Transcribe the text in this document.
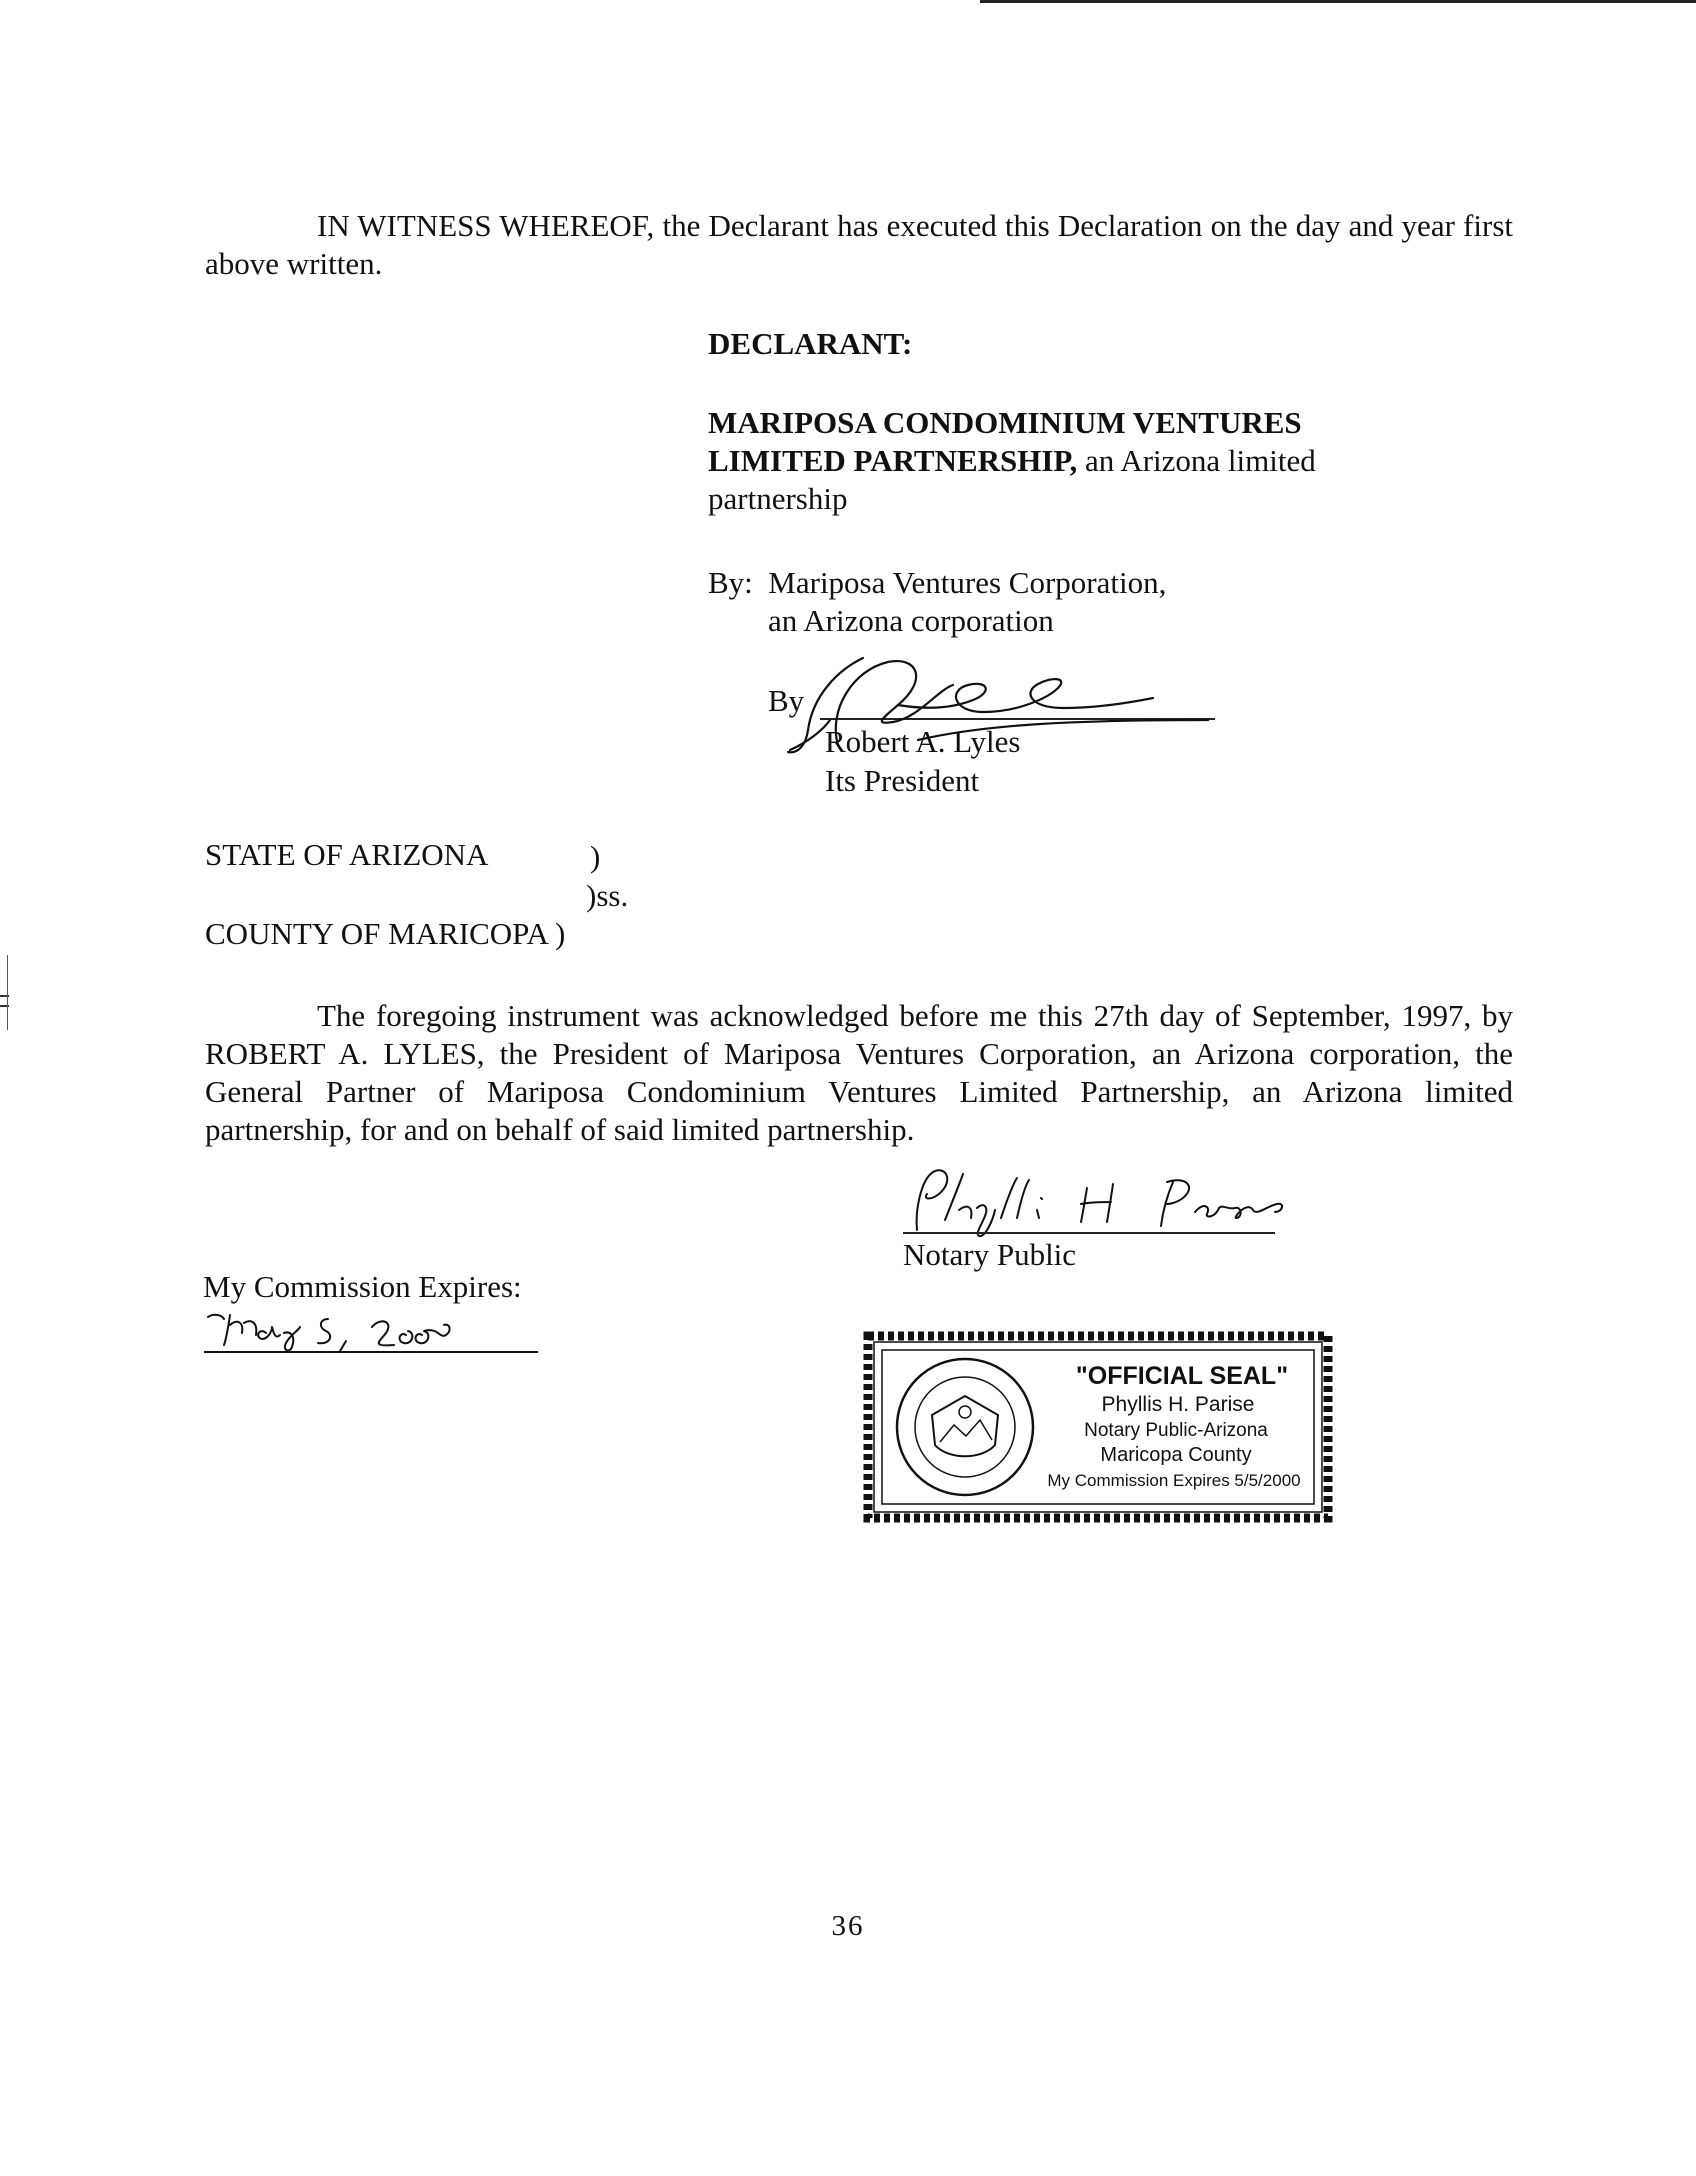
IN WITNESS WHEREOF, the Declarant has executed this Declaration on the day and year first above written.
DECLARANT:
MARIPOSA CONDOMINIUM VENTURES LIMITED PARTNERSHIP, an Arizona limited partnership
By: Mariposa Ventures Corporation,
an Arizona corporation
By
Robert A. Lyles
Its President
STATE OF ARIZONA	)
)ss.
COUNTY OF MARICOPA )
The foregoing instrument was acknowledged before me this 27th day of September, 1997, by ROBERT A. LYLES, the President of Mariposa Ventures Corporation, an Arizona corporation, the General Partner of Mariposa Condominium Ventures Limited Partnership, an Arizona limited partnership, for and on behalf of said limited partnership.
Notary Public
My Commission Expires:
"OFFICIAL SEAL"
Phyllis H. Parise
Notary Public-Arizona
Maricopa County
My Commission Expires 5/5/2000
36
